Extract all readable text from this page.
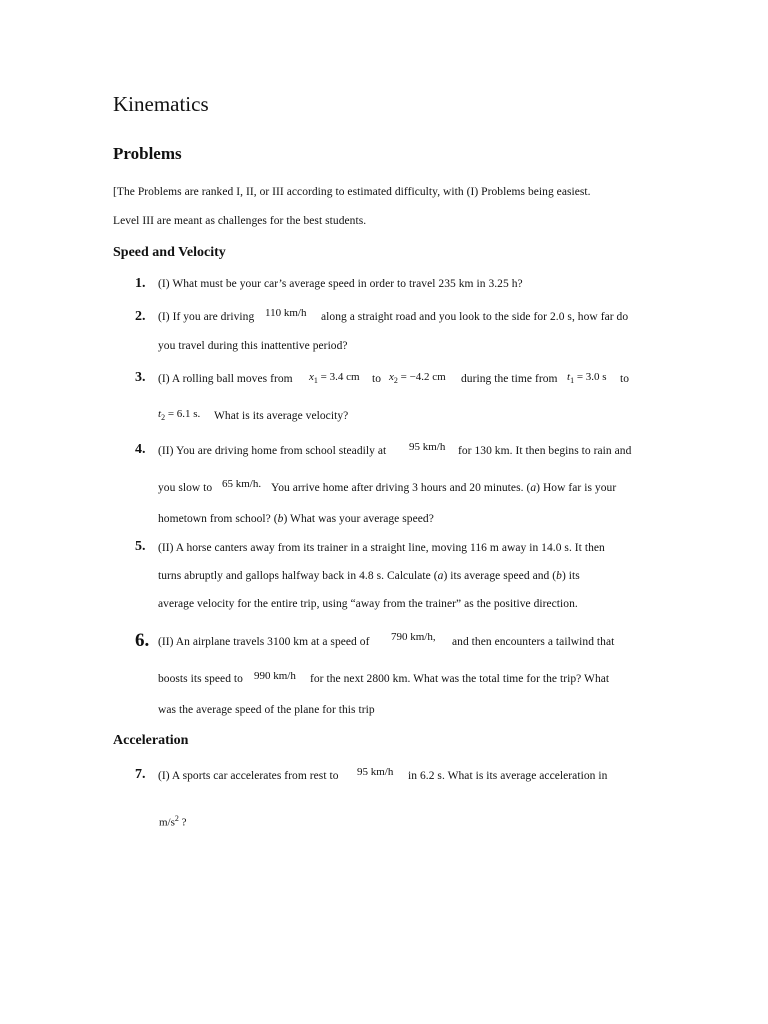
Kinematics
Problems
[The Problems are ranked I, II, or III according to estimated difficulty, with (I) Problems being easiest.
Level III are meant as challenges for the best students.
Speed and Velocity
1. (I) What must be your car’s average speed in order to travel 235 km in 3.25 h?
2. (I) If you are driving 110 km/h along a straight road and you look to the side for 2.0 s, how far do
you travel during this inattentive period?
3. (I) A rolling ball moves from $x_1 = 3.4$ cm to $x_2 = -4.2$ cm during the time from $t_1 = 3.0$ s to
$t_2 = 6.1$ s. What is its average velocity?
4. (II) You are driving home from school steadily at 95 km/h for 130 km. It then begins to rain and
you slow to 65 km/h. You arrive home after driving 3 hours and 20 minutes. (a) How far is your
hometown from school? (b) What was your average speed?
5. (II) A horse canters away from its trainer in a straight line, moving 116 m away in 14.0 s. It then
turns abruptly and gallops halfway back in 4.8 s. Calculate (a) its average speed and (b) its
average velocity for the entire trip, using “away from the trainer” as the positive direction.
6. (II) An airplane travels 3100 km at a speed of 790 km/h, and then encounters a tailwind that
boosts its speed to 990 km/h for the next 2800 km. What was the total time for the trip? What
was the average speed of the plane for this trip
Acceleration
7. (I) A sports car accelerates from rest to 95 km/h in 6.2 s. What is its average acceleration in
$m/s^2$ ?
